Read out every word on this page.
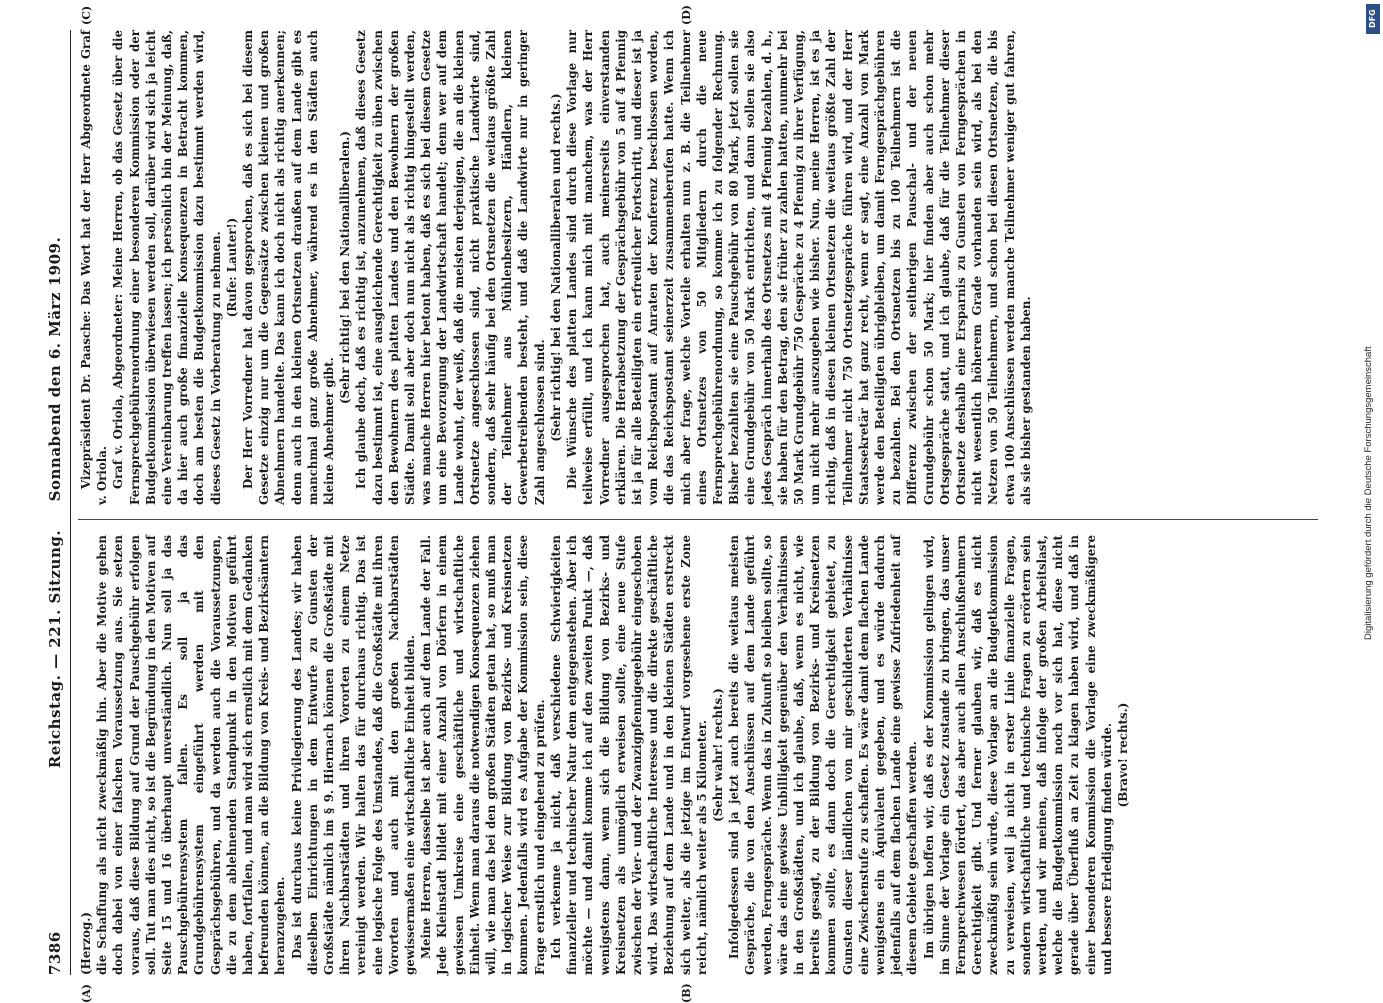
7386
Reichstag. — 221. Sitzung.     Sonnabend den 6. März 1909.

(Herzog.) die Schaffung als nicht zweckmäßig hin. Aber die Motive gehen doch dabei von einer falschen Voraussetzung aus. Sie setzen voraus, daß diese Bildung auf Grund der Pauschgebühr erfolgen soll. Tut man dies nicht, so ist die Begründung in den Motiven auf Seite 15 und 16 überhaupt unverständlich. Nun soll ja das Pauschgebührensystem fallen. Es soll ja das Grundgebührensystem eingeführt werden mit den Gesprächsgebühren, und da werden auch die Voraussetzungen, die zu dem ablehnenden Standpunkt in den Motiven geführt haben, fortfallen, und man wird sich ernstlich mit dem Gedanken befreunden können, an die Bildung von Kreis- und Bezirksämtern heranzugehen. Das ist durchaus keine Privilegierung des Landes; wir haben dieselben Einrichtungen in dem Entwurfe zu Gunsten der Großstädte nämlich im § 9. Hiernach können die Großstädte mit ihren Nachbarstädten und ihren Vororten zu einem Netze vereinigt werden. Wir halten das für durchaus richtig. Das ist eine logische Folge des Umstandes, daß die Großstädte mit ihren Vororten und auch mit den großen Nachbarstädten gewissermaßen eine wirtschaftliche Einheit bilden. Meine Herren, dasselbe ist aber auch auf dem Lande der Fall. Jede Kleinstadt bildet mit einer Anzahl von Dörfern in einem gewissen Umkreise eine geschäftliche und wirtschaftliche Einheit. Wenn man daraus die notwendigen Konsequenzen ziehen will, wie man das bei den großen Städten getan hat, so muß man in logischer Weise zur Bildung von Bezirks- und Kreisnetzen kommen. Jedenfalls wird es Aufgabe der Kommission sein, diese Frage ernstlich und eingehend zu prüfen. Ich verkenne ja nicht, daß verschiedene Schwierigkeiten finanzieller und technischer Natur dem entgegenstehen. Aber ich möchte — und damit komme ich auf den zweiten Punkt —, daß wenigstens dann, wenn sich die Bildung von Bezirks- und Kreisnetzen als unmöglich erweisen sollte, eine neue Stufe zwischen der Vier- und der Zwanzigpfennigegebühr eingeschoben wird. Das wirtschaftliche Interesse und die direkte geschäftliche Beziehung auf dem Lande und in den kleinen Städten erstreckt sich weiter, als die jetzige im Entwurf vorgesehene erste Zone reicht, nämlich weiter als 5 Kilometer. (Sehr wahr! rechts.) Infolgedessen sind ja jetzt auch bereits die weitaus meisten Gespräche, die von den Anschlüssen auf dem Lande geführt werden, Ferngespräche. Wenn das in Zukunft so bleiben sollte, so wäre das eine gewisse Unbilligkeit gegenüber den Verhältnissen in den Großstädten, und ich glaube, daß, wenn es nicht, wie bereits gesagt, zu der Bildung von Bezirks- und Kreisnetzen kommen sollte, es dann doch die Gerechtigkeit gebietet, zu Gunsten dieser ländlichen von mir geschilderten Verhältnisse eine Zwischenstufe zu schaffen. Es wäre damit dem flachen Lande wenigstens ein Äquivalent gegeben, und es würde dadurch jedenfalls auf dem flachen Lande eine gewisse Zufriedenheit auf diesem Gebiete geschaffen werden. Im übrigen hoffen wir, daß es der Kommission gelingen wird, im Sinne der Vorlage ein Gesetz zustande zu bringen, das unser Fernsprechwesen fördert, das aber auch allen Anschlußnehmern Gerechtigkeit gibt. Und ferner glauben wir, daß es nicht zweckmäßig sein würde, diese Vorlage an die Budgetkommission zu verweisen, weil ja nicht in erster Linie finanzielle Fragen, sondern wirtschaftliche und technische Fragen zu erörtern sein werden, und wir meinen, daß infolge der großen Arbeitslast, welche die Budgetkommission noch vor sich hat, diese nicht gerade über Überfluß an Zeit zu klagen haben wird, und daß in einer besonderen Kommission die Vorlage eine zweckmäßigere und bessere Erledigung finden würde. (Bravo! rechts.)

Vizepräsident Dr. Paasche: Das Wort hat der Herr Abgeordnete Graf v. Oriola. Graf v. Oriola, Abgeordneter: Meine Herren, ob das Gesetz über die Fernsprechgebührenordnung einer besonderen Kommission oder der Budgetkommission überwiesen werden soll, darüber wird sich ja leicht eine Vereinbarung treffen lassen; ich persönlich bin der Meinung, daß, da hier auch große finanzielle Konsequenzen in Betracht kommen, doch am besten die Budgetkommission dazu bestimmt werden wird, dieses Gesetz in Vorberatung zu nehmen. (Rufe: Lauter!) Der Herr Vorredner hat davon gesprochen, daß es sich bei diesem Gesetze einzig nur um die Gegensätze zwischen kleinen und großen Abnehmern handelte. Das kann ich doch nicht als richtig anerkennen; denn auch in den kleinen Ortsnetzen draußen auf dem Lande gibt es manchmal ganz große Abnehmer, während es in den Städten auch kleine Abnehmer gibt.

(Sehr richtig! bei den Nationalliberalen.) Ich glaube doch, daß es richtig ist, anzunehmen, daß dieses Gesetz dazu bestimmt ist, eine ausgleichende Gerechtigkeit zu üben zwischen den Bewohnern des platten Landes und den Bewohnern der großen Städte. Damit soll aber doch nun nicht als richtig hingestellt werden, was manche Herren hier betont haben, daß es sich bei diesem Gesetze um eine Bevorzugung der Landwirtschaft handelt; denn wer auf dem Lande wohnt, der weiß, daß die meisten derjenigen, die an die kleinen Ortsnetze angeschlossen sind, nicht praktische Landwirte sind, sondern, daß sehr häufig bei den Ortsnetzen die weitaus größte Zahl der Teilnehmer aus Mühlenbesitzern, Händlern, kleinen Gewerbetreibenden besteht, und daß die Landwirte nur in geringer Zahl angeschlossen sind. (Sehr richtig! bei den Nationalliberalen und rechts.) Die Wünsche des platten Landes sind durch diese Vorlage nur teilweise erfüllt, und ich kann mich mit manchem, was der Herr Vorredner ausgesprochen hat, auch meinerseits einverstanden erklären. Die Herabsetzung der Gesprächsgebühr von 5 auf 4 Pfennig ist ja für alle Beteiligten ein erfreulicher Fortschritt, und dieser ist ja vom Reichspostamt auf Anraten der Konferenz beschlossen worden, die das Reichspostamt seinerzeit zusammenberufen hatte. Wenn ich mich aber frage, welche Vorteile erhalten nun z. B. die Teilnehmer eines Ortsnetzes von 50 Mitgliedern durch die neue Fernsprechgebührenordnung, so komme ich zu folgender Rechnung. Bisher bezahlten sie eine Pauschgebühr von 80 Mark, jetzt sollen sie eine Grundgebühr von 50 Mark entrichten, und dann sollen sie also jedes Gespräch innerhalb des Ortsnetzes mit 4 Pfennig bezahlen, d. h., sie haben für den Betrag, den sie früher zu zahlen hatten, nunmehr bei 50 Mark Grundgebühr 750 Gespräche zu 4 Pfennig zu ihrer Verfügung, um nicht mehr auszugeben wie bisher. Nun, meine Herren, ist es ja richtig, daß in diesen kleinen Ortsnetzen die weitaus größte Zahl der Teilnehmer nicht 750 Ortsnetzgespräche führen wird, und der Herr Staatssekretär hat ganz recht, wenn er sagt, eine Anzahl von Mark werde den Beteiligten übrigbleiben, um damit Ferngesprächgebühren zu bezahlen. Bei den Ortsnetzen bis zu 100 Teilnehmern ist die Differenz zwischen der seitherigen Pauschal- und der neuen Grundgebühr schon 50 Mark; hier finden aber auch schon mehr Ortsgespräche statt, und ich glaube, daß für die Teilnehmer dieser Ortsnetze deshalb eine Ersparnis zu Gunsten von Ferngesprächen in nicht wesentlich höherem Grade vorhanden sein wird, als bei den Netzen von 50 Teilnehmern, und schon bei diesen Ortsnetzen, die bis etwa 100 Anschlüssen werden manche Teilnehmer weniger gut fahren, als sie bisher gestanden haben.

(A)	(B)
(C)	(D)	DFG
Digitalisierung gefördert durch die Deutsche Forschungsgemeinschaft
